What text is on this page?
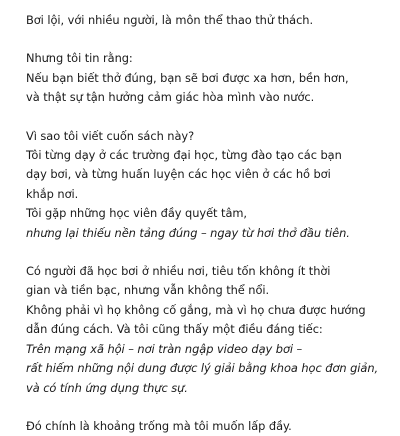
Bơi lội, với nhiều người, là môn thể thao thử thách.
Nhưng tôi tin rằng:
Nếu bạn biết thở đúng, bạn sẽ bơi được xa hơn, bền hơn,
và thật sự tận hưởng cảm giác hòa mình vào nước.
Vì sao tôi viết cuốn sách này?
Tôi từng dạy ở các trường đại học, từng đào tạo các bạn
dạy bơi, và từng huấn luyện các học viên ở các hồ bơi
khắp nơi.
Tôi gặp những học viên đầy quyết tâm,
nhưng lại thiếu nền tảng đúng – ngay từ hơi thở đầu tiên.
Có người đã học bơi ở nhiều nơi, tiêu tốn không ít thời
gian và tiền bạc, nhưng vẫn không thể nổi.
Không phải vì họ không cố gắng, mà vì họ chưa được hướng
dẫn đúng cách. Và tôi cũng thấy một điều đáng tiếc:
Trên mạng xã hội – nơi tràn ngập video dạy bơi –
rất hiếm những nội dung được lý giải bằng khoa học đơn giản,
và có tính ứng dụng thực sự.
Đó chính là khoảng trống mà tôi muốn lấp đầy.
